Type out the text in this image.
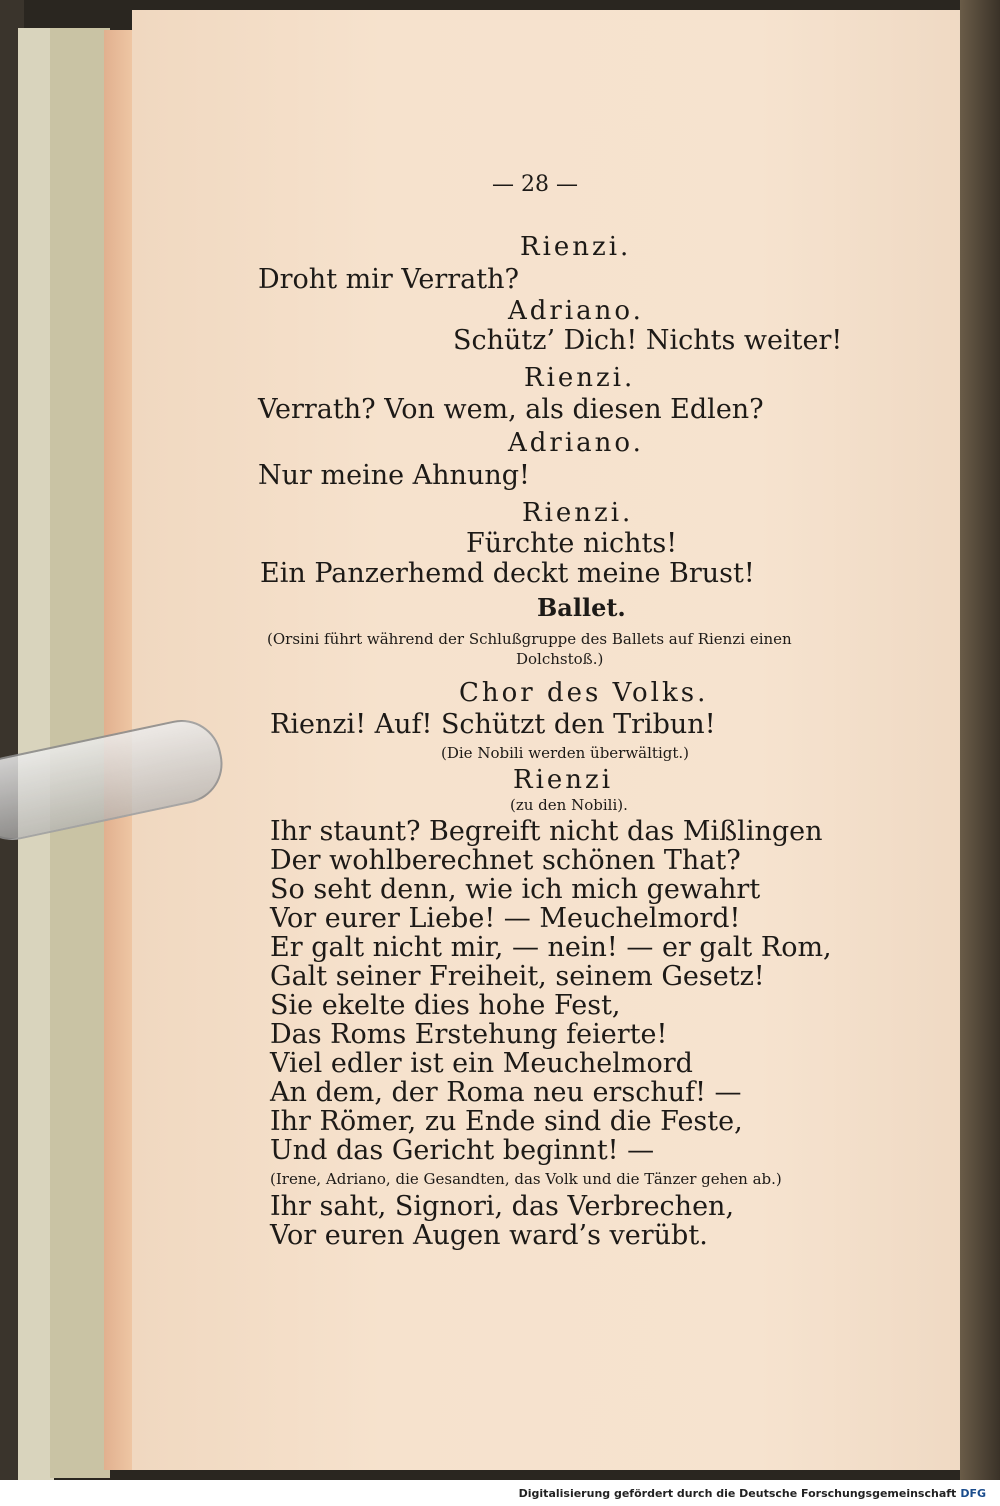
— 28 —
Rienzi.
Droht mir Verrath?
Adriano.
Schütz’ Dich! Nichts weiter!
Rienzi.
Verrath? Von wem, als diesen Edlen?
Adriano.
Nur meine Ahnung!
Rienzi.
Fürchte nichts!
Ein Panzerhemd deckt meine Brust!
Ballet.
(Orsini führt während der Schlußgruppe des Ballets auf Rienzi einen
Dolchstoß.)
Chor des Volks.
Rienzi! Auf! Schützt den Tribun!
(Die Nobili werden überwältigt.)
Rienzi
(zu den Nobili).
Ihr staunt? Begreift nicht das Mißlingen
Der wohlberechnet schönen That?
So seht denn, wie ich mich gewahrt
Vor eurer Liebe! — Meuchelmord!
Er galt nicht mir, — nein! — er galt Rom,
Galt seiner Freiheit, seinem Gesetz!
Sie ekelte dies hohe Fest,
Das Roms Erstehung feierte!
Viel edler ist ein Meuchelmord
An dem, der Roma neu erschuf! —
Ihr Römer, zu Ende sind die Feste,
Und das Gericht beginnt! —
(Irene, Adriano, die Gesandten, das Volk und die Tänzer gehen ab.)
Ihr saht, Signori, das Verbrechen,
Vor euren Augen ward’s verübt.
Digitalisierung gefördert durch die Deutsche Forschungsgemeinschaft DFG
